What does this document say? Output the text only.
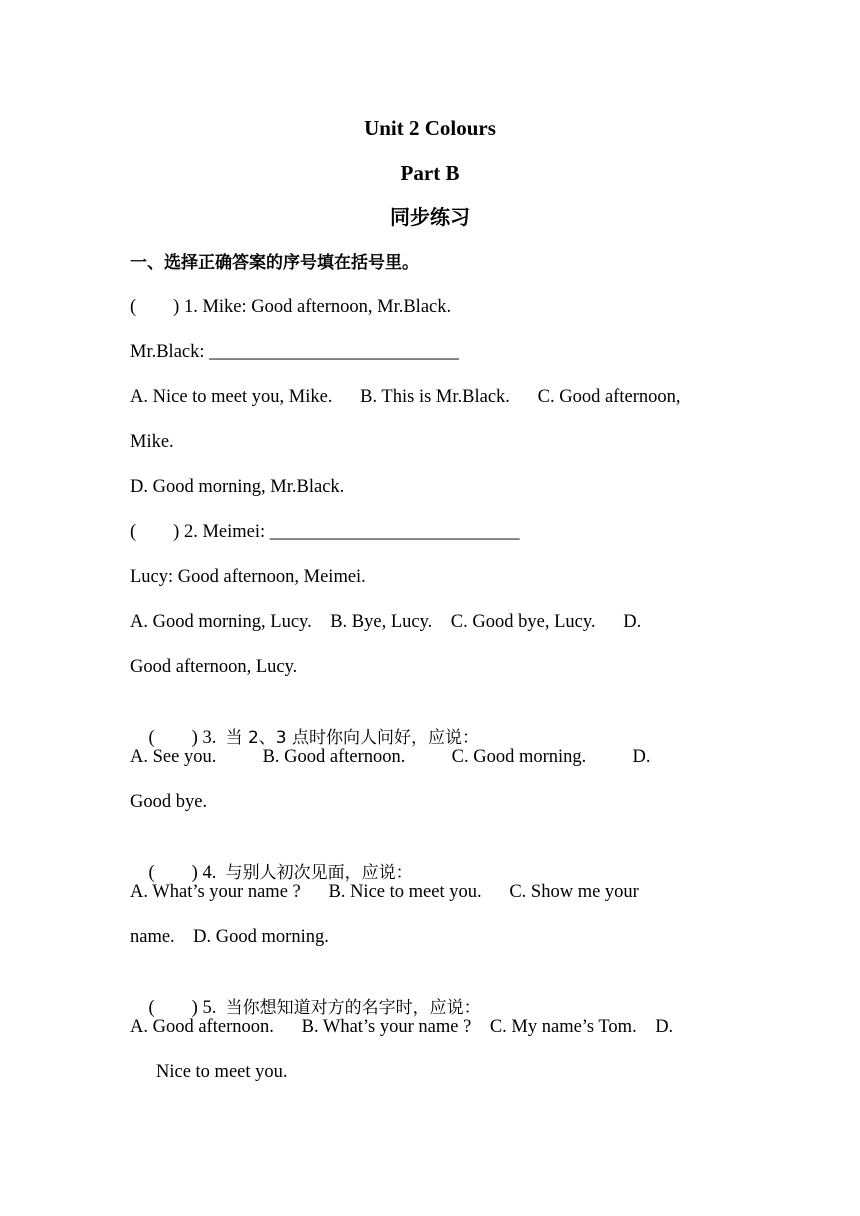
Unit 2 Colours
Part B
同步练习
一、选择正确答案的序号填在括号里。
(        ) 1. Mike: Good afternoon, Mr.Black.
Mr.Black: ___________________________
A. Nice to meet you, Mike.      B. This is Mr.Black.      C. Good afternoon,
Mike.
D. Good morning, Mr.Black.
(        ) 2. Meimei: ___________________________
Lucy: Good afternoon, Meimei.
A. Good morning, Lucy.    B. Bye, Lucy.    C. Good bye, Lucy.      D.
Good afternoon, Lucy.

(        ) 3.  当 2、3 点时你向人问好，应说：

A. See you.          B. Good afternoon.          C. Good morning.          D.
Good bye.

(        ) 4.  与别人初次见面，应说：

A. What’s your name ?      B. Nice to meet you.      C. Show me your
name.    D. Good morning.

(        ) 5.  当你想知道对方的名字时，应说：

A. Good afternoon.      B. What’s your name ?    C. My name’s Tom.    D.
Nice to meet you.
